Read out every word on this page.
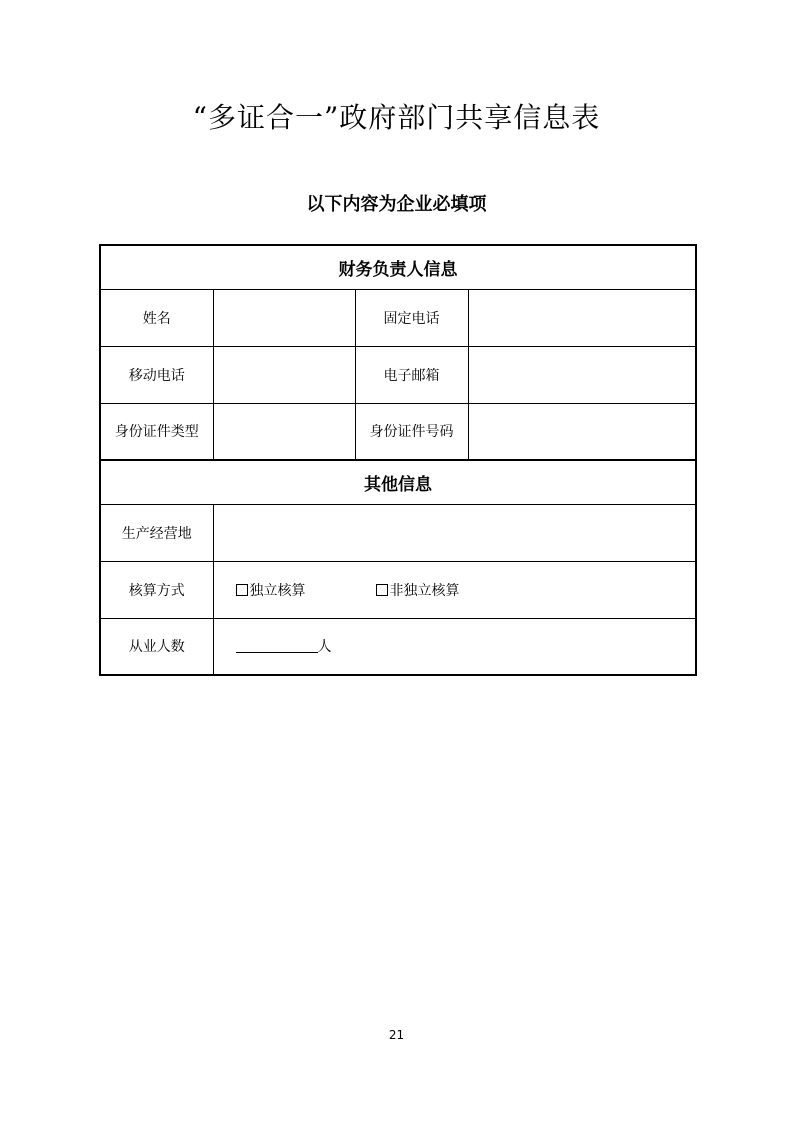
“多证合一”政府部门共享信息表
以下内容为企业必填项
财务负责人信息			
姓名		固定电话	
移动电话		电子邮箱	
身份证件类型		身份证件号码	
其他信息			
生产经营地			
核算方式	独立核算 非独立核算		
从业人数	人		
21
